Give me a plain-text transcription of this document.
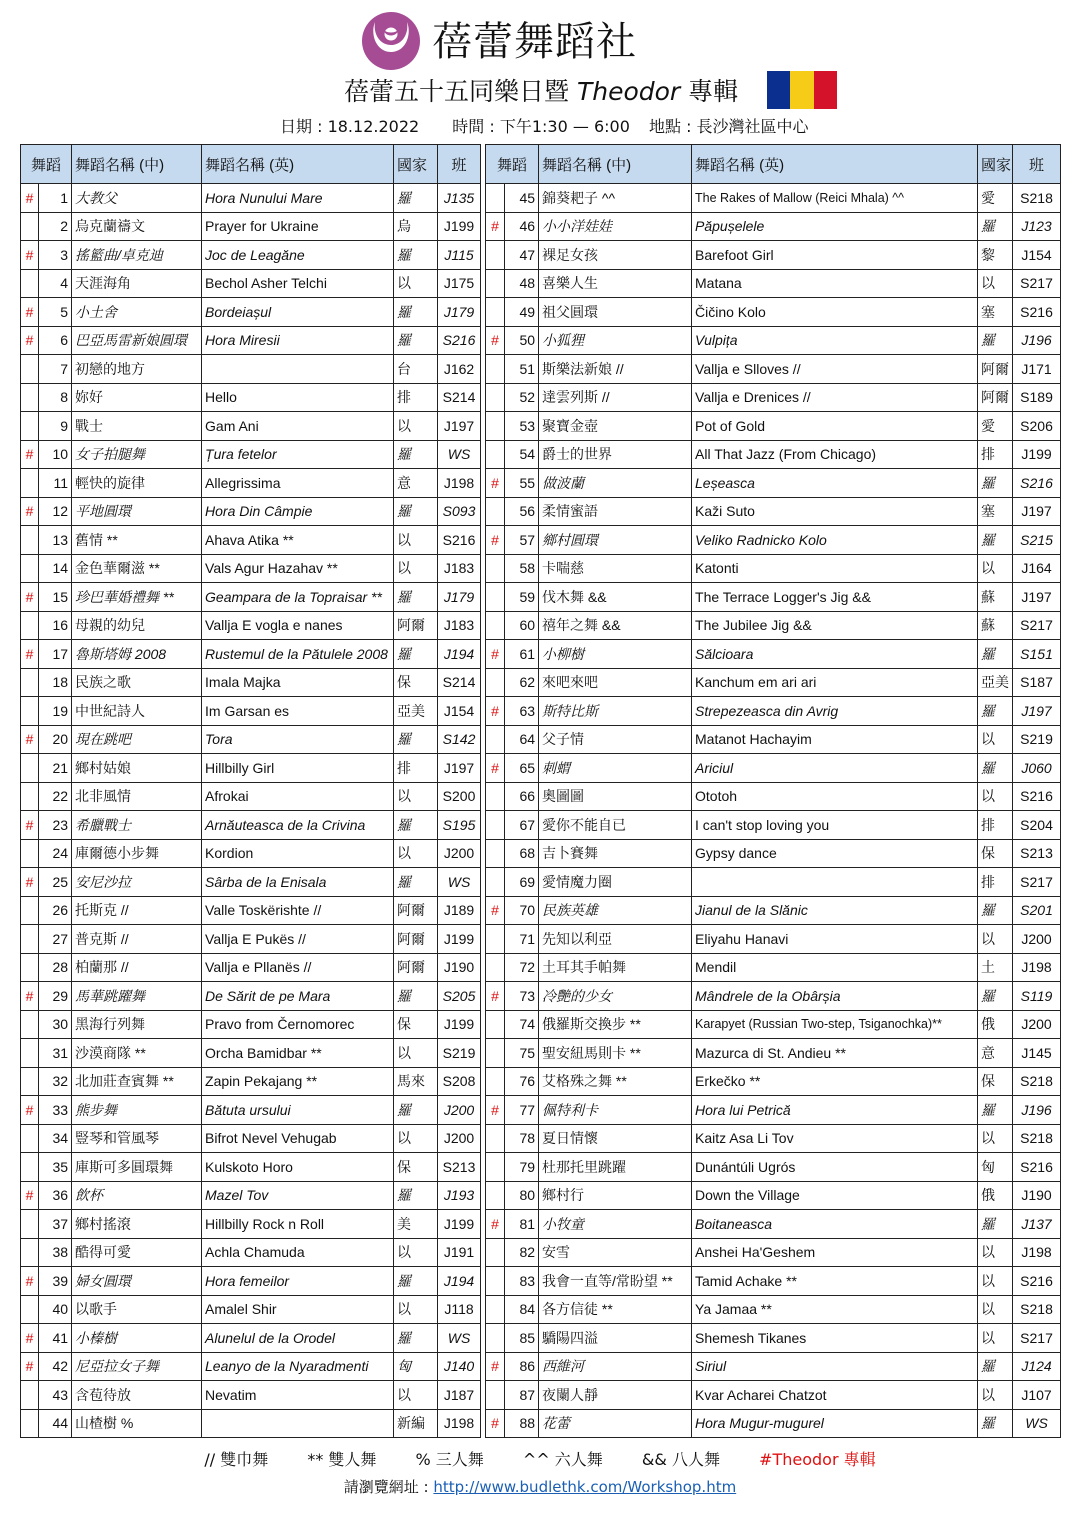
蓓蕾舞蹈社
蓓蕾五十五同樂日暨 Theodor 專輯
日期 : 18.12.2022 時間 : 下午1:30 — 6:00 地點 : 長沙灣社區中心
舞蹈		舞蹈名稱 (中)	舞蹈名稱 (英)	國家	班
#	1	大教父	Hora Nunului Mare	羅	J135
	2	烏克蘭禱文	Prayer for Ukraine	烏	J199
#	3	搖籃曲/卓克迪	Joc de Leagăne	羅	J115
	4	天涯海角	Bechol Asher Telchi	以	J175
#	5	小土舍	Bordeiașul	羅	J179
#	6	巴亞馬雷新娘圓環	Hora Miresii	羅	S216
	7	初戀的地方		台	J162
	8	妳好	Hello	排	S214
	9	戰士	Gam Ani	以	J197
#	10	女子拍腿舞	Țura fetelor	羅	WS
	11	輕快的旋律	Allegrissima	意	J198
#	12	平地圓環	Hora Din Câmpie	羅	S093
	13	舊情 **	Ahava Atika **	以	S216
	14	金色華爾滋 **	Vals Agur Hazahav **	以	J183
#	15	珍巴華婚禮舞 **	Geampara de la Topraisar **	羅	J179
	16	母親的幼兒	Vallja E vogla e nanes	阿爾	J183
#	17	魯斯塔姆 2008	Rustemul de la Pătulele 2008	羅	J194
	18	民族之歌	Imala Majka	保	S214
	19	中世紀詩人	Im Garsan es	亞美	J154
#	20	現在跳吧	Tora	羅	S142
	21	鄉村姑娘	Hillbilly Girl	排	J197
	22	北非風情	Afrokai	以	S200
#	23	希臘戰士	Arnăuteasca de la Crivina	羅	S195
	24	庫爾德小步舞	Kordion	以	J200
#	25	安尼沙拉	Sârba de la Enisala	羅	WS
	26	托斯克 //	Valle Toskërishte //	阿爾	J189
	27	普克斯 //	Vallja E Pukës //	阿爾	J199
	28	柏蘭那 //	Vallja e Pllanës //	阿爾	J190
#	29	馬華跳躍舞	De Sărit de pe Mara	羅	S205
	30	黑海行列舞	Pravo from Černomorec	保	J199
	31	沙漠商隊 **	Orcha Bamidbar **	以	S219
	32	北加莊查賓舞 **	Zapin Pekajang **	馬來	S208
#	33	熊步舞	Bătuta ursului	羅	J200
	34	豎琴和管風琴	Bifrot Nevel Vehugab	以	J200
	35	庫斯可多圓環舞	Kulskoto Horo	保	S213
#	36	飲杯	Mazel Tov	羅	J193
	37	鄉村搖滾	Hillbilly Rock n Roll	美	J199
	38	酷得可愛	Achla Chamuda	以	J191
#	39	婦女圓環	Hora femeilor	羅	J194
	40	以歌手	Amalel Shir	以	J118
#	41	小榛樹	Alunelul de la Orodel	羅	WS
#	42	尼亞拉女子舞	Leanyo de la Nyaradmenti	匈	J140
	43	含苞待放	Nevatim	以	J187
	44	山楂樹 %		新編	J198
舞蹈		舞蹈名稱 (中)	舞蹈名稱 (英)	國家	班
	45	錦葵耙子 ^^	The Rakes of Mallow (Reici Mhala) ^^	愛	S218
#	46	小小洋娃娃	Păpușelele	羅	J123
	47	裸足女孩	Barefoot Girl	黎	J154
	48	喜樂人生	Matana	以	S217
	49	祖父圓環	Čičino Kolo	塞	S216
#	50	小狐狸	Vulpița	羅	J196
	51	斯樂法新娘 //	Vallja e Slloves //	阿爾	J171
	52	達雲列斯 //	Vallja e Drenices //	阿爾	S189
	53	聚寶金壺	Pot of Gold	愛	S206
	54	爵士的世界	All That Jazz (From Chicago)	排	J199
#	55	做波蘭	Leșeasca	羅	S216
	56	柔情蜜語	Kaži Suto	塞	J197
#	57	鄉村圓環	Veliko Radnicko Kolo	羅	S215
	58	卡喘慈	Katonti	以	J164
	59	伐木舞 &&	The Terrace Logger's Jig &&	蘇	J197
	60	禧年之舞 &&	The Jubilee Jig &&	蘇	S217
#	61	小柳樹	Sălcioara	羅	S151
	62	來吧來吧	Kanchum em ari ari	亞美	S187
#	63	斯特比斯	Strepezeasca din Avrig	羅	J197
	64	父子情	Matanot Hachayim	以	S219
#	65	刺蝟	Ariciul	羅	J060
	66	奧圖圖	Ototoh	以	S216
	67	愛你不能自已	I can't stop loving you	排	S204
	68	吉卜賽舞	Gypsy dance	保	S213
	69	愛情魔力圈		排	S217
#	70	民族英雄	Jianul de la Slănic	羅	S201
	71	先知以利亞	Eliyahu Hanavi	以	J200
	72	土耳其手帕舞	Mendil	土	J198
#	73	冷艷的少女	Mândrele de la Obârșia	羅	S119
	74	俄羅斯交換步 **	Karapyet (Russian Two-step, Tsiganochka)**	俄	J200
	75	聖安紐馬則卡 **	Mazurca di St. Andieu **	意	J145
	76	艾格殊之舞 **	Erkečko **	保	S218
#	77	佩特利卡	Hora lui Petrică	羅	J196
	78	夏日情懷	Kaitz Asa Li Tov	以	S218
	79	杜那托里跳躍	Dunántúli Ugrós	匈	S216
	80	鄉村行	Down the Village	俄	J190
#	81	小牧童	Boitaneasca	羅	J137
	82	安雪	Anshei Ha'Geshem	以	J198
	83	我會一直等/常盼望 **	Tamid Achake **	以	S216
	84	各方信徒 **	Ya Jamaa **	以	S218
	85	驕陽四溢	Shemesh Tikanes	以	S217
#	86	西維河	Siriul	羅	J124
	87	夜闌人靜	Kvar Acharei Chatzot	以	J107
#	88	花蕾	Hora Mugur-mugurel	羅	WS
// 雙巾舞 ** 雙人舞 % 三人舞 ^^ 六人舞 && 八人舞 #Theodor 專輯
請瀏覽網址 : http://www.budlethk.com/Workshop.htm
